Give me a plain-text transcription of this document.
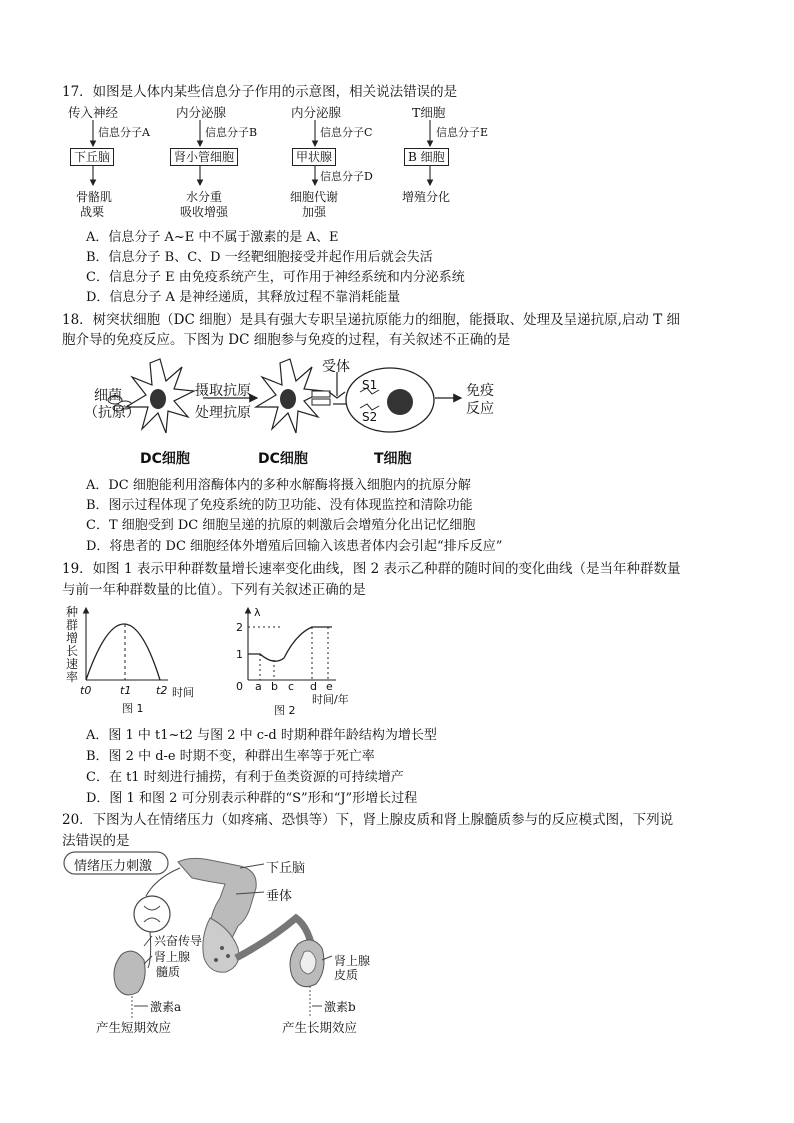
17．如图是人体内某些信息分子作用的示意图，相关说法错误的是
传入神经
信息分子A
下丘脑
骨骼肌
战栗
内分泌腺
信息分子B
肾小管细胞
水分重
吸收增强
内分泌腺
信息分子C
甲状腺
信息分子D
细胞代谢
加强
T细胞
信息分子E
B 细胞
增殖分化
A．信息分子 A~E 中不属于激素的是 A、E
B．信息分子 B、C、D 一经靶细胞接受并起作用后就会失活
C．信息分子 E 由免疫系统产生，可作用于神经系统和内分泌系统
D．信息分子 A 是神经递质，其释放过程不靠消耗能量
18．树突状细胞（DC 细胞）是具有强大专职呈递抗原能力的细胞，能摄取、处理及呈递抗原,启动 T 细
胞介导的免疫反应。下图为 DC 细胞参与免疫的过程，有关叙述不正确的是
细菌
（抗原）
摄取抗原
处理抗原
受体
S1
S2
免疫
反应
DC细胞	DC细胞	T细胞
A．DC 细胞能利用溶酶体内的多种水解酶将摄入细胞内的抗原分解
B．图示过程体现了免疫系统的防卫功能、没有体现监控和清除功能
C．T 细胞受到 DC 细胞呈递的抗原的刺激后会增殖分化出记忆细胞
D．将患者的 DC 细胞经体外增殖后回输入该患者体内会引起“排斥反应”
19．如图 1 表示甲种群数量增长速率变化曲线，图 2 表示乙种群的随时间的变化曲线（是当年种群数量
与前一年种群数量的比值）。下列有关叙述正确的是
种
群
增
长
速
率
t0	t1 t2 时间
图 1
λ
2
1
0 a b c d e
时间/年
图 2
A．图 1 中 t1~t2 与图 2 中 c-d 时期种群年龄结构为增长型
B．图 2 中 d-e 时期不变，种群出生率等于死亡率
C．在 t1 时刻进行捕捞，有利于鱼类资源的可持续增产
D．图 1 和图 2 可分别表示种群的“S”形和“J”形增长过程
20．下图为人在情绪压力（如疼痛、恐惧等）下，肾上腺皮质和肾上腺髓质参与的反应模式图，下列说
法错误的是
情绪压力刺激	下丘脑
垂体
兴奋传导
肾上腺
髓质
肾上腺
皮质
激素a	激素b
产生短期效应	产生长期效应
